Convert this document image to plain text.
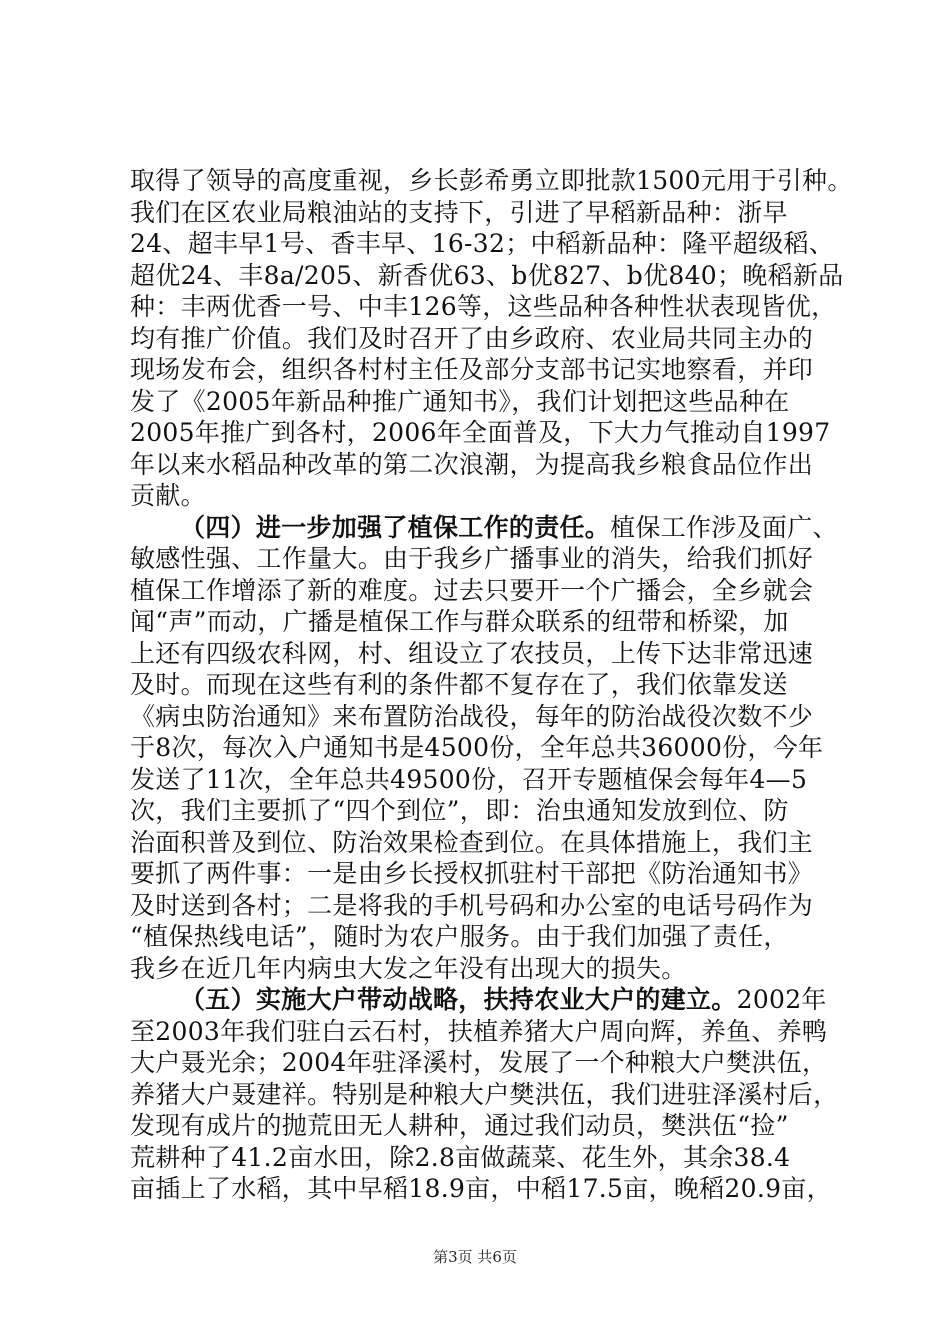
取得了领导的高度重视，乡长彭希勇立即批款1500元用于引种。
我们在区农业局粮油站的支持下，引进了早稻新品种：浙早
24、超丰早1号、香丰早、16-32；中稻新品种：隆平超级稻、
超优24、丰8a/205、新香优63、b优827、b优840；晚稻新品
种：丰两优香一号、中丰126等，这些品种各种性状表现皆优，
均有推广价值。我们及时召开了由乡政府、农业局共同主办的
现场发布会，组织各村村主任及部分支部书记实地察看，并印
发了《2005年新品种推广通知书》，我们计划把这些品种在
2005年推广到各村，2006年全面普及，下大力气推动自1997
年以来水稻品种改革的第二次浪潮，为提高我乡粮食品位作出
贡献。
（四）进一步加强了植保工作的责任。植保工作涉及面广、
敏感性强、工作量大。由于我乡广播事业的消失，给我们抓好
植保工作增添了新的难度。过去只要开一个广播会，全乡就会
闻“声”而动，广播是植保工作与群众联系的纽带和桥梁，加
上还有四级农科网，村、组设立了农技员，上传下达非常迅速
及时。而现在这些有利的条件都不复存在了，我们依靠发送
《病虫防治通知》来布置防治战役，每年的防治战役次数不少
于8次，每次入户通知书是4500份，全年总共36000份，今年
发送了11次，全年总共49500份，召开专题植保会每年4—5
次，我们主要抓了“四个到位”，即：治虫通知发放到位、防
治面积普及到位、防治效果检查到位。在具体措施上，我们主
要抓了两件事：一是由乡长授权抓驻村干部把《防治通知书》
及时送到各村；二是将我的手机号码和办公室的电话号码作为
“植保热线电话”，随时为农户服务。由于我们加强了责任，
我乡在近几年内病虫大发之年没有出现大的损失。
（五）实施大户带动战略，扶持农业大户的建立。2002年
至2003年我们驻白云石村，扶植养猪大户周向辉，养鱼、养鸭
大户聂光余；2004年驻泽溪村，发展了一个种粮大户樊洪伍，
养猪大户聂建祥。特别是种粮大户樊洪伍，我们进驻泽溪村后，
发现有成片的抛荒田无人耕种，通过我们动员，樊洪伍“捡”
荒耕种了41.2亩水田，除2.8亩做蔬菜、花生外，其余38.4
亩插上了水稻，其中早稻18.9亩，中稻17.5亩，晚稻20.9亩，
第3页 共6页
